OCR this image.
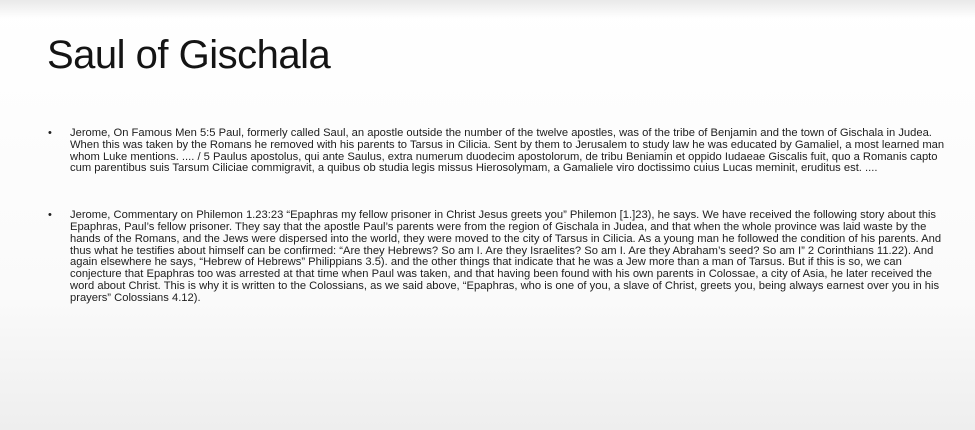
Saul of Gischala
• Jerome, On Famous Men 5:5 Paul, formerly called Saul, an apostle outside the number of the twelve apostles, was of the tribe of Benjamin and the town of Gischala in Judea. When this was taken by the Romans he removed with his parents to Tarsus in Cilicia. Sent by them to Jerusalem to study law he was educated by Gamaliel, a most learned man whom Luke mentions. .... / 5 Paulus apostolus, qui ante Saulus, extra numerum duodecim apostolorum, de tribu Beniamin et oppido Iudaeae Giscalis fuit, quo a Romanis capto cum parentibus suis Tarsum Ciliciae commigravit, a quibus ob studia legis missus Hierosolymam, a Gamaliele viro doctissimo cuius Lucas meminit, eruditus est. ....
• Jerome, Commentary on Philemon 1.23:23 “Epaphras my fellow prisoner in Christ Jesus greets you” Philemon [1.]23), he says. We have received the following story about this Epaphras, Paul’s fellow prisoner. They say that the apostle Paul’s parents were from the region of Gischala in Judea, and that when the whole province was laid waste by the hands of the Romans, and the Jews were dispersed into the world, they were moved to the city of Tarsus in Cilicia. As a young man he followed the condition of his parents. And thus what he testifies about himself can be confirmed: “Are they Hebrews? So am I. Are they Israelites? So am I. Are they Abraham’s seed? So am I” 2 Corinthians 11.22). And again elsewhere he says, “Hebrew of Hebrews” Philippians 3.5). and the other things that indicate that he was a Jew more than a man of Tarsus. But if this is so, we can conjecture that Epaphras too was arrested at that time when Paul was taken, and that having been found with his own parents in Colossae, a city of Asia, he later received the word about Christ. This is why it is written to the Colossians, as we said above, “Epaphras, who is one of you, a slave of Christ, greets you, being always earnest over you in his prayers” Colossians 4.12).
